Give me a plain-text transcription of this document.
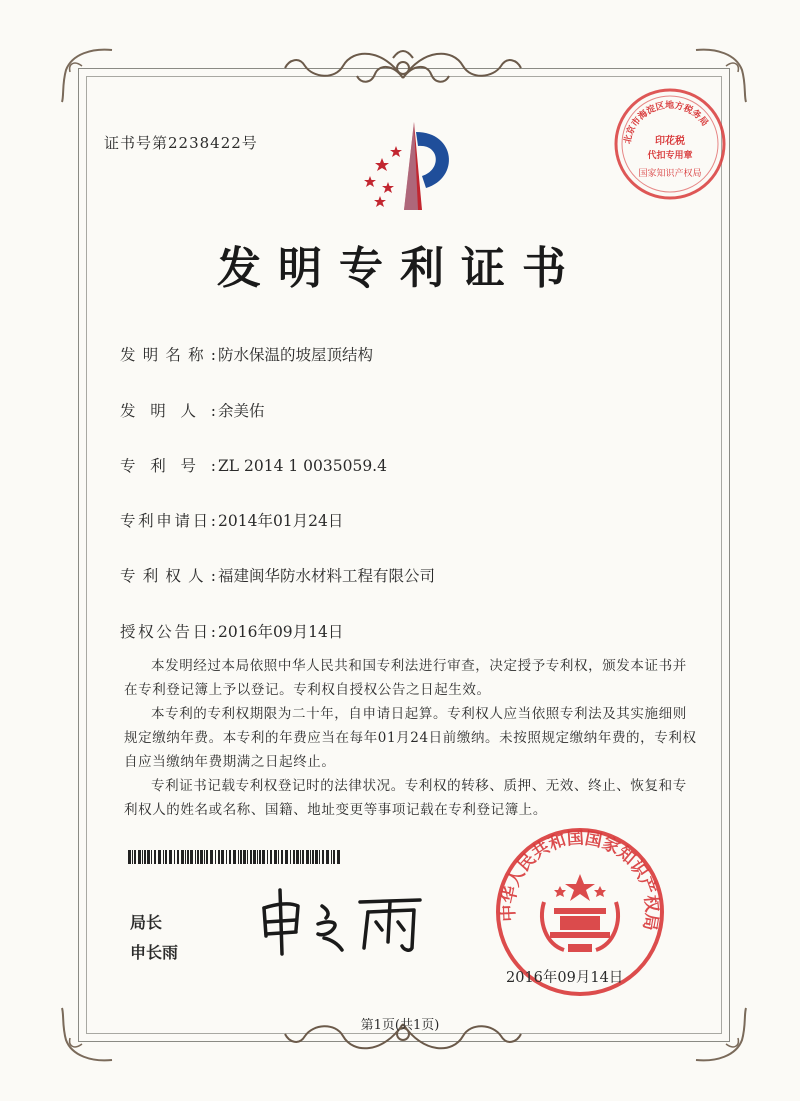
证书号第2238422号	北京市海淀区地方税务局
印花税
代扣专用章
国家知识产权局
发明专利证书
发明名称: 防水保温的坡屋顶结构
发明人: 余美佑
专利号: ZL 2014 1 0035059.4
专利申请日: 2014年01月24日
专利权人: 福建闽华防水材料工程有限公司
授权公告日: 2016年09月14日
本发明经过本局依照中华人民共和国专利法进行审查，决定授予专利权，颁发本证书并在专利登记簿上予以登记。专利权自授权公告之日起生效。
本专利的专利权期限为二十年，自申请日起算。专利权人应当依照专利法及其实施细则规定缴纳年费。本专利的年费应当在每年01月24日前缴纳。未按照规定缴纳年费的，专利权自应当缴纳年费期满之日起终止。
专利证书记载专利权登记时的法律状况。专利权的转移、质押、无效、终止、恢复和专利权人的姓名或名称、国籍、地址变更等事项记载在专利登记簿上。
局长
申长雨
中华人民共和国国家知识产权局
2016年09月14日
第1页(共1页)
